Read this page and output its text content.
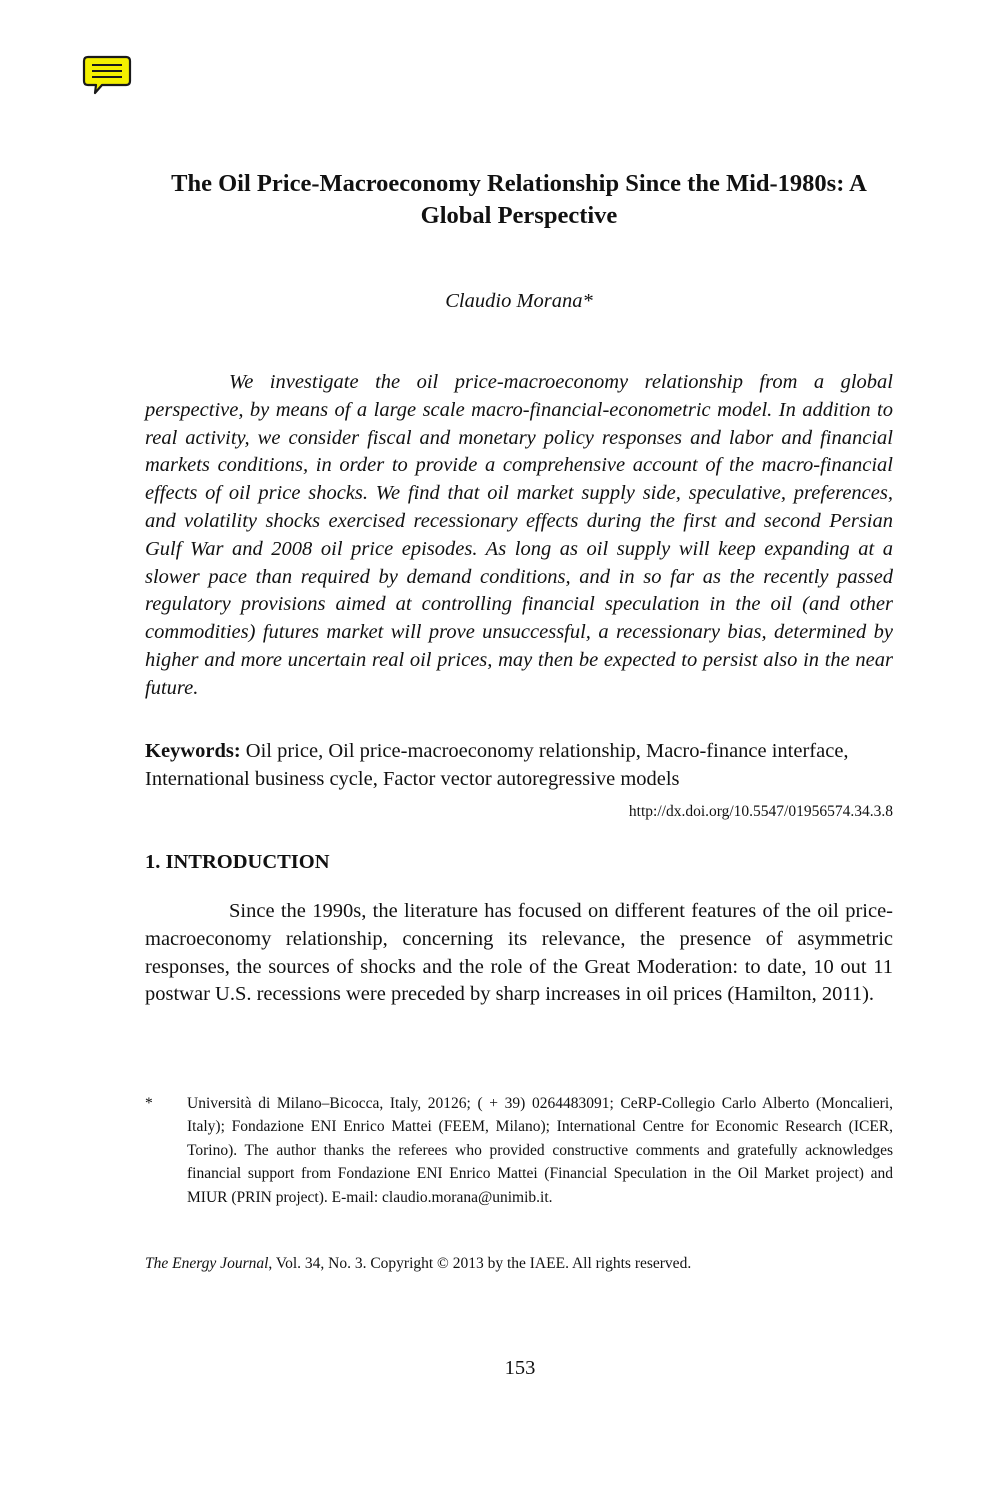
The Oil Price-Macroeconomy Relationship Since the Mid-1980s: A Global Perspective
Claudio Morana*

We investigate the oil price-macroeconomy relationship from a global perspective, by means of a large scale macro-financial-econometric model. In addition to real activity, we consider fiscal and monetary policy responses and labor and financial markets conditions, in order to provide a comprehensive account of the macro-financial effects of oil price shocks. We find that oil market supply side, speculative, preferences, and volatility shocks exercised recessionary effects during the first and second Persian Gulf War and 2008 oil price episodes. As long as oil supply will keep expanding at a slower pace than required by demand conditions, and in so far as the recently passed regulatory provisions aimed at controlling financial speculation in the oil (and other commodities) futures market will prove unsuccessful, a recessionary bias, determined by higher and more uncertain real oil prices, may then be expected to persist also in the near future.

Keywords: Oil price, Oil price-macroeconomy relationship, Macro-finance interface, International business cycle, Factor vector autoregressive models

http://dx.doi.org/10.5547/01956574.34.3.8
1. INTRODUCTION

Since the 1990s, the literature has focused on different features of the oil price-macroeconomy relationship, concerning its relevance, the presence of asymmetric responses, the sources of shocks and the role of the Great Moderation: to date, 10 out 11 postwar U.S. recessions were preceded by sharp increases in oil prices (Hamilton, 2011).

* Università di Milano–Bicocca, Italy, 20126; ( + 39) 0264483091; CeRP-Collegio Carlo Alberto (Moncalieri, Italy); Fondazione ENI Enrico Mattei (FEEM, Milano); International Centre for Economic Research (ICER, Torino). The author thanks the referees who provided constructive comments and gratefully acknowledges financial support from Fondazione ENI Enrico Mattei (Financial Speculation in the Oil Market project) and MIUR (PRIN project). E-mail: claudio.morana@unimib.it.
The Energy Journal, Vol. 34, No. 3. Copyright © 2013 by the IAEE. All rights reserved.
153
